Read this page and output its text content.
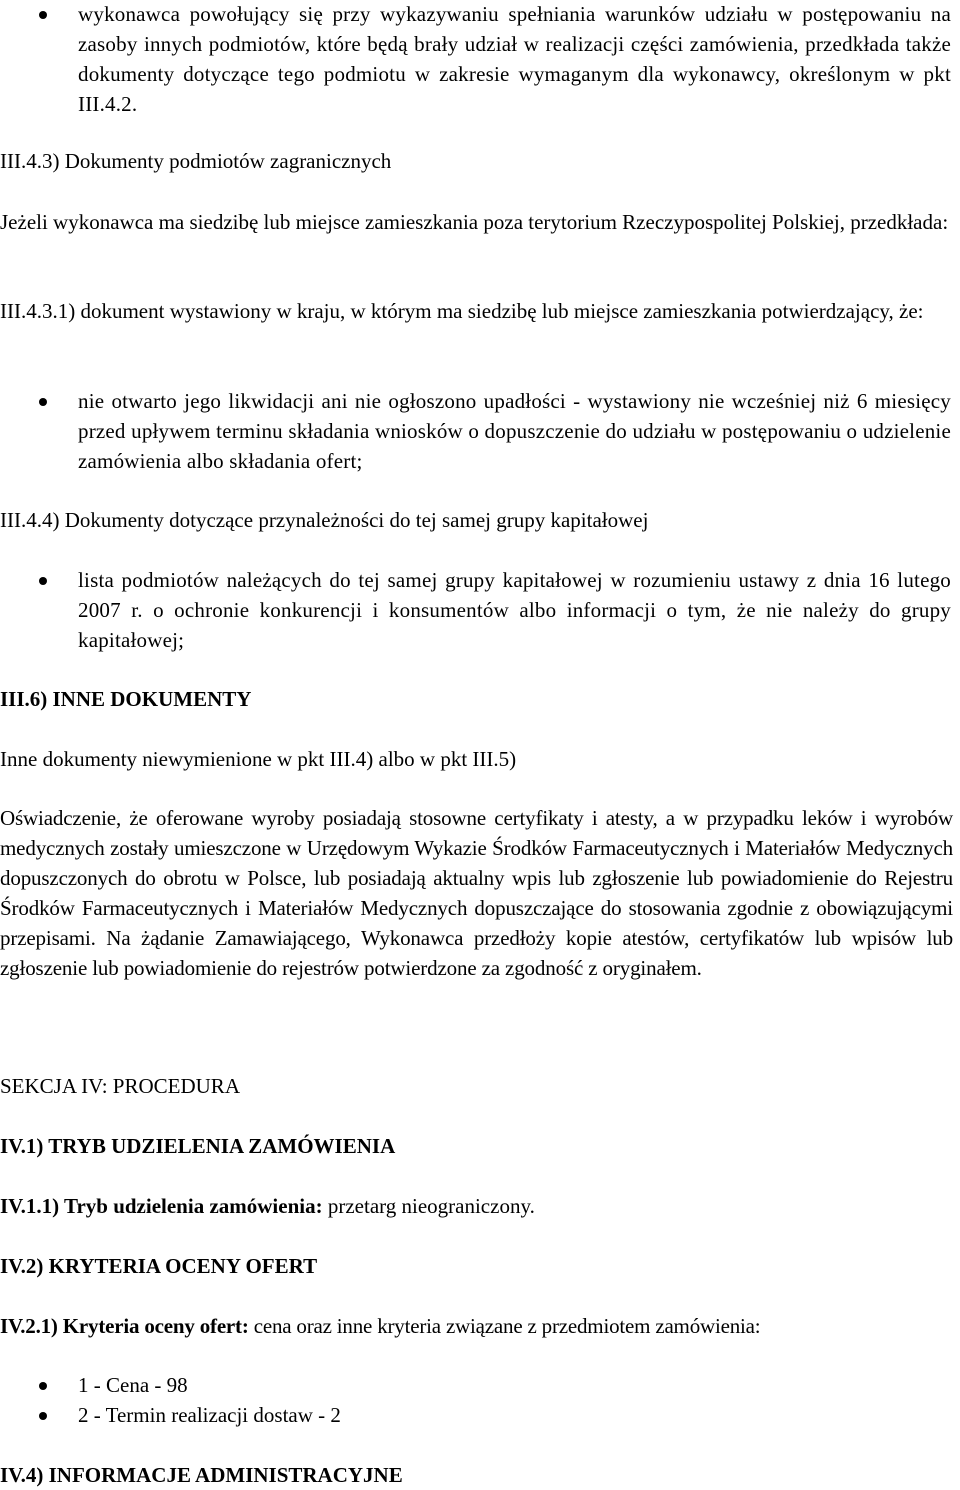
wykonawca powołujący się przy wykazywaniu spełniania warunków udziału w postępowaniu na zasoby innych podmiotów, które będą brały udział w realizacji części zamówienia, przedkłada także dokumenty dotyczące tego podmiotu w zakresie wymaganym dla wykonawcy, określonym w pkt III.4.2.

III.4.3) Dokumenty podmiotów zagranicznych

Jeżeli wykonawca ma siedzibę lub miejsce zamieszkania poza terytorium Rzeczypospolitej Polskiej, przedkłada:

III.4.3.1) dokument wystawiony w kraju, w którym ma siedzibę lub miejsce zamieszkania potwierdzający, że:

nie otwarto jego likwidacji ani nie ogłoszono upadłości - wystawiony nie wcześniej niż 6 miesięcy przed upływem terminu składania wniosków o dopuszczenie do udziału w postępowaniu o udzielenie zamówienia albo składania ofert;

III.4.4) Dokumenty dotyczące przynależności do tej samej grupy kapitałowej

lista podmiotów należących do tej samej grupy kapitałowej w rozumieniu ustawy z dnia 16 lutego 2007 r. o ochronie konkurencji i konsumentów albo informacji o tym, że nie należy do grupy kapitałowej;

III.6) INNE DOKUMENTY

Inne dokumenty niewymienione w pkt III.4) albo w pkt III.5)

Oświadczenie, że oferowane wyroby posiadają stosowne certyfikaty i atesty, a w przypadku leków i wyrobów medycznych zostały umieszczone w Urzędowym Wykazie Środków Farmaceutycznych i Materiałów Medycznych dopuszczonych do obrotu w Polsce, lub posiadają aktualny wpis lub zgłoszenie lub powiadomienie do Rejestru Środków Farmaceutycznych i Materiałów Medycznych dopuszczające do stosowania zgodnie z obowiązującymi przepisami. Na żądanie Zamawiającego, Wykonawca przedłoży kopie atestów, certyfikatów lub wpisów lub zgłoszenie lub powiadomienie do rejestrów potwierdzone za zgodność z oryginałem.

SEKCJA IV: PROCEDURA

IV.1) TRYB UDZIELENIA ZAMÓWIENIA

IV.1.1) Tryb udzielenia zamówienia: przetarg nieograniczony.

IV.2) KRYTERIA OCENY OFERT

IV.2.1) Kryteria oceny ofert: cena oraz inne kryteria związane z przedmiotem zamówienia:

1 - Cena - 98

2 - Termin realizacji dostaw - 2

IV.4) INFORMACJE ADMINISTRACYJNE
